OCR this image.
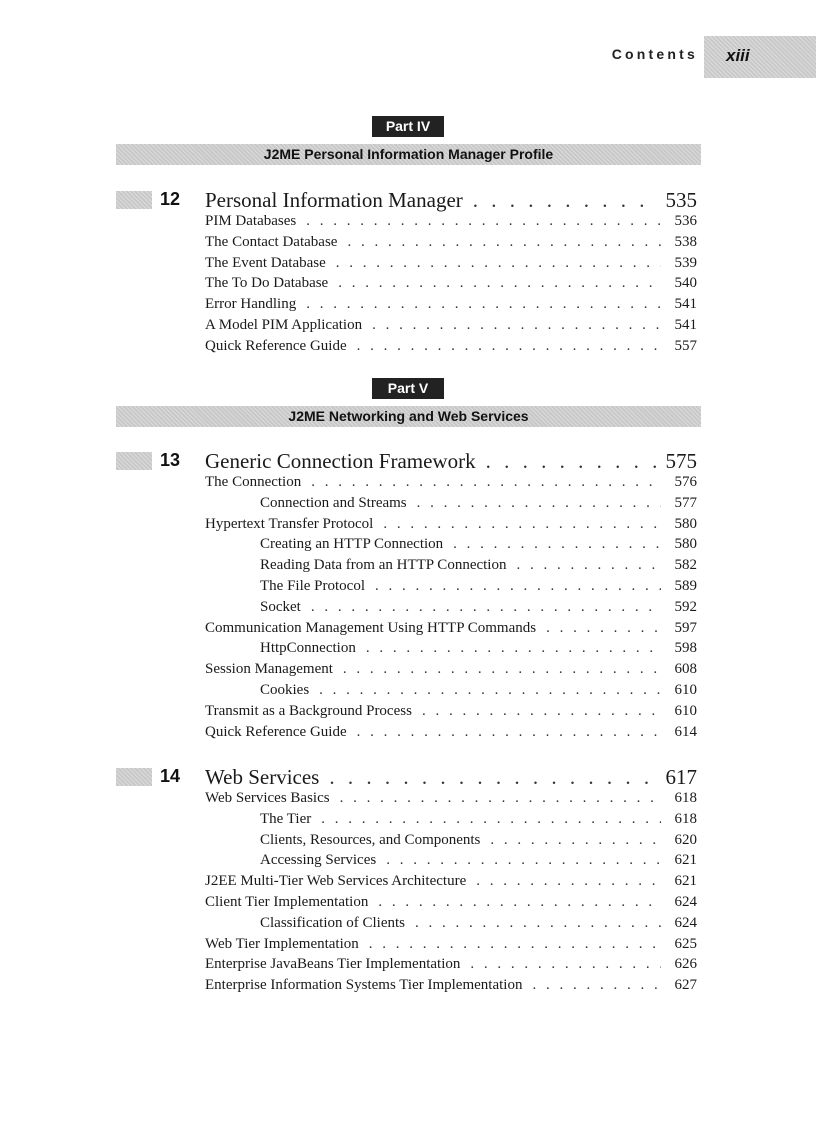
Contents xiii
Part IV
J2ME Personal Information Manager Profile
12 Personal Information Manager . . .	535
PIM Databases . . .	536
The Contact Database . . .	538
The Event Database . . .	539
The To Do Database . . .	540
Error Handling . . .	541
A Model PIM Application . . .	541
Quick Reference Guide . . .	557
Part V
J2ME Networking and Web Services
13 Generic Connection Framework . . .	575
The Connection . . .	576
Connection and Streams . . .	577
Hypertext Transfer Protocol . . .	580
Creating an HTTP Connection . . .	580
Reading Data from an HTTP Connection . . .	582
The File Protocol . . .	589
Socket . . .	592
Communication Management Using HTTP Commands . . .	597
HttpConnection . . .	598
Session Management . . .	608
Cookies . . .	610
Transmit as a Background Process . . .	610
Quick Reference Guide . . .	614
14 Web Services . . .	617
Web Services Basics . . .	618
The Tier . . .	618
Clients, Resources, and Components . . .	620
Accessing Services . . .	621
J2EE Multi-Tier Web Services Architecture . . .	621
Client Tier Implementation . . .	624
Classification of Clients . . .	624
Web Tier Implementation . . .	625
Enterprise JavaBeans Tier Implementation . . .	626
Enterprise Information Systems Tier Implementation . . .	627
